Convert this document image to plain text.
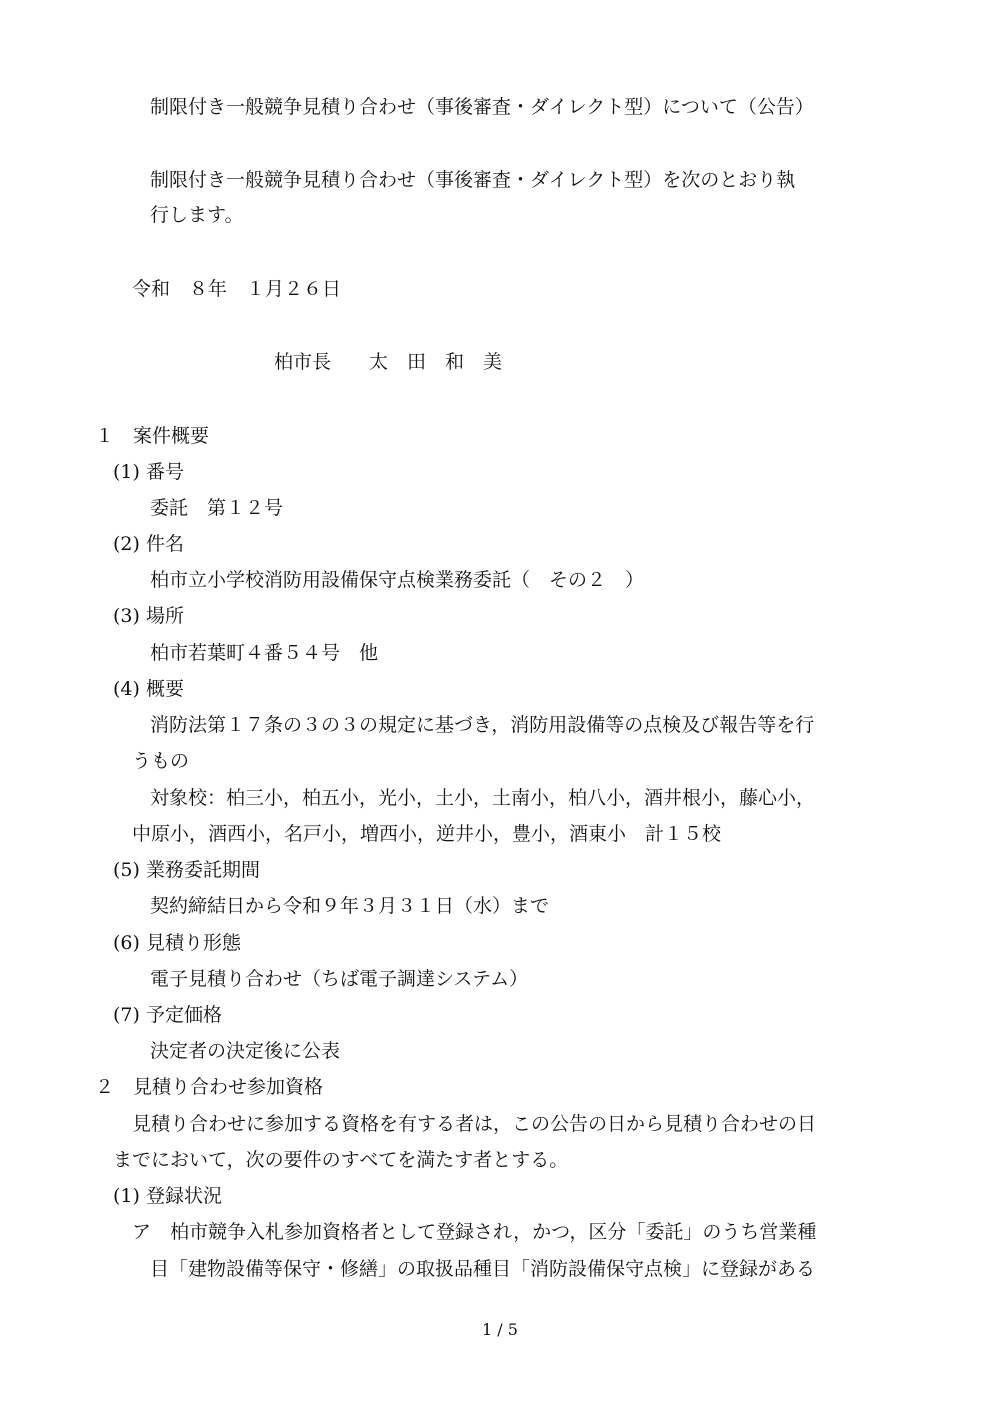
制限付き一般競争見積り合わせ（事後審査・ダイレクト型）について（公告）
制限付き一般競争見積り合わせ（事後審査・ダイレクト型）を次のとおり執
行します。
令和　８年　１月２６日
柏市長　　太　田　和　美
１　案件概要
(1) 番号
委託　第１２号
(2) 件名
柏市立小学校消防用設備保守点検業務委託（　その２　）
(3) 場所
柏市若葉町４番５４号　他
(4) 概要
消防法第１７条の３の３の規定に基づき，消防用設備等の点検及び報告等を行
うもの
対象校：柏三小，柏五小，光小，土小，土南小，柏八小，酒井根小，藤心小，
中原小，酒西小，名戸小，増西小，逆井小，豊小，酒東小　計１５校
(5) 業務委託期間
契約締結日から令和９年３月３１日（水）まで
(6) 見積り形態
電子見積り合わせ（ちば電子調達システム）
(7) 予定価格
決定者の決定後に公表
２　見積り合わせ参加資格
見積り合わせに参加する資格を有する者は，この公告の日から見積り合わせの日
までにおいて，次の要件のすべてを満たす者とする。
(1) 登録状況
ア　柏市競争入札参加資格者として登録され，かつ，区分「委託」のうち営業種
目「建物設備等保守・修繕」の取扱品種目「消防設備保守点検」に登録がある
1 / 5
